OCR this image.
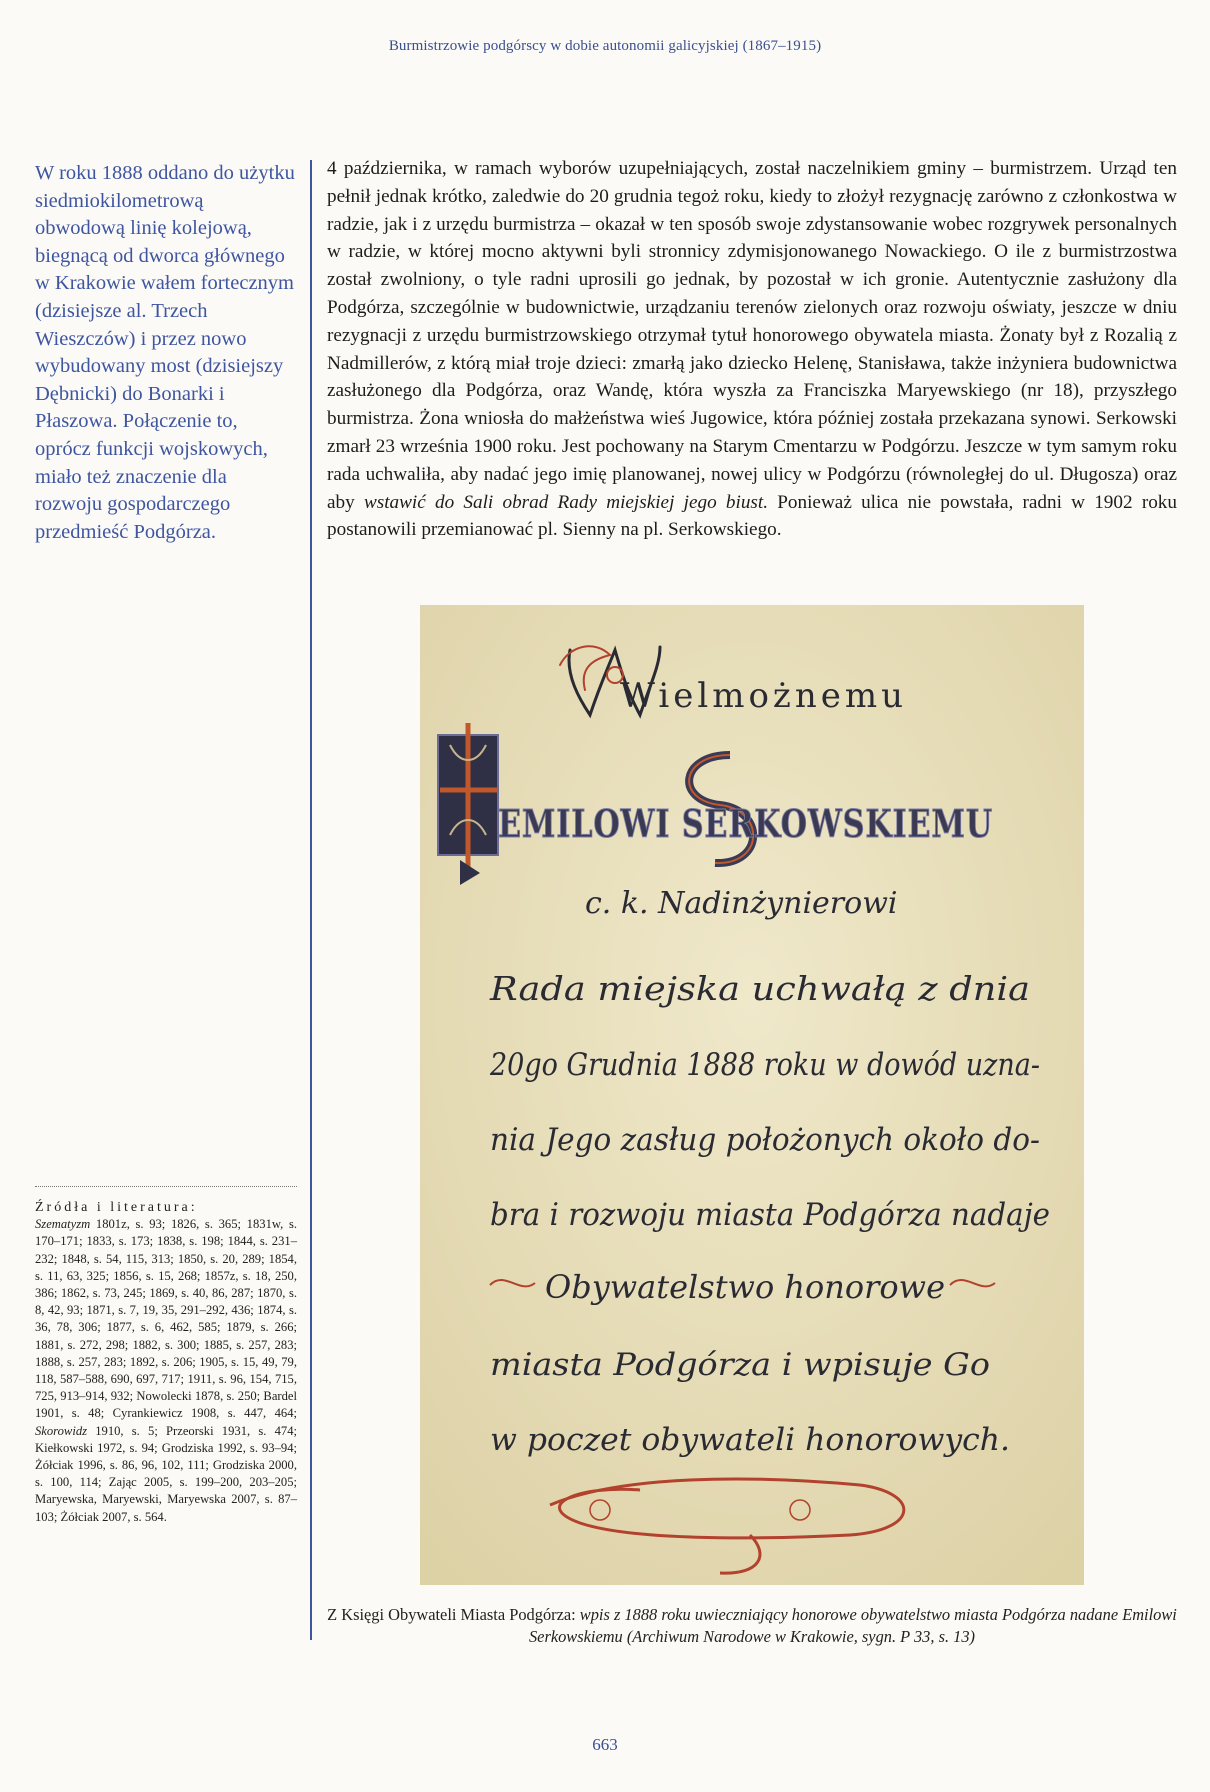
Burmistrzowie podgórscy w dobie autonomii galicyjskiej (1867–1915)

W roku 1888 oddano do użytku siedmiokilometrową obwodową linię kolejową, biegnącą od dworca głównego w Krakowie wałem fortecznym (dzisiejsze al. Trzech Wieszczów) i przez nowo wybudowany most (dzisiejszy Dębnicki) do Bonarki i Płaszowa. Połączenie to, oprócz funkcji wojskowych, miało też znaczenie dla rozwoju gospodarczego przedmieść Podgórza.

Źródła i literatura:
Szematyzm 1801z, s. 93; 1826, s. 365; 1831w, s. 170–171; 1833, s. 173; 1838, s. 198; 1844, s. 231–232; 1848, s. 54, 115, 313; 1850, s. 20, 289; 1854, s. 11, 63, 325; 1856, s. 15, 268; 1857z, s. 18, 250, 386; 1862, s. 73, 245; 1869, s. 40, 86, 287; 1870, s. 8, 42, 93; 1871, s. 7, 19, 35, 291–292, 436; 1874, s. 36, 78, 306; 1877, s. 6, 462, 585; 1879, s. 266; 1881, s. 272, 298; 1882, s. 300; 1885, s. 257, 283; 1888, s. 257, 283; 1892, s. 206; 1905, s. 15, 49, 79, 118, 587–588, 690, 697, 717; 1911, s. 96, 154, 715, 725, 913–914, 932; Nowolecki 1878, s. 250; Bardel 1901, s. 48; Cyrankiewicz 1908, s. 447, 464; Skorowidz 1910, s. 5; Przeorski 1931, s. 474; Kiełkowski 1972, s. 94; Grodziska 1992, s. 93–94; Żółciak 1996, s. 86, 96, 102, 111; Grodziska 2000, s. 100, 114; Zając 2005, s. 199–200, 203–205; Maryewska, Maryewski, Maryewska 2007, s. 87–103; Żółciak 2007, s. 564.

4 października, w ramach wyborów uzupełniających, został naczelnikiem gminy – burmistrzem. Urząd ten pełnił jednak krótko, zaledwie do 20 grudnia tegoż roku, kiedy to złożył rezygnację zarówno z członkostwa w radzie, jak i z urzędu burmistrza – okazał w ten sposób swoje zdystansowanie wobec rozgrywek personalnych w radzie, w której mocno aktywni byli stronnicy zdymisjonowanego Nowackiego. O ile z burmistrzostwa został zwolniony, o tyle radni uprosili go jednak, by pozostał w ich gronie. Autentycznie zasłużony dla Podgórza, szczególnie w budownictwie, urządzaniu terenów zielonych oraz rozwoju oświaty, jeszcze w dniu rezygnacji z urzędu burmistrzowskiego otrzymał tytuł honorowego obywatela miasta. Żonaty był z Rozalią z Nadmillerów, z którą miał troje dzieci: zmarłą jako dziecko Helenę, Stanisława, także inżyniera budownictwa zasłużonego dla Podgórza, oraz Wandę, która wyszła za Franciszka Maryewskiego (nr 18), przyszłego burmistrza. Żona wniosła do małżeństwa wieś Jugowice, która później została przekazana synowi. Serkowski zmarł 23 września 1900 roku. Jest pochowany na Starym Cmentarzu w Podgórzu. Jeszcze w tym samym roku rada uchwaliła, aby nadać jego imię planowanej, nowej ulicy w Podgórzu (równoległej do ul. Długosza) oraz aby wstawić do Sali obrad Rady miejskiej jego biust. Ponieważ ulica nie powstała, radni w 1902 roku postanowili przemianować pl. Sienny na pl. Serkowskiego.

Wielmożnemu
EMILOWI SERKOWSKIEMU
c. k. Nadinżynierowi
Rada miejska uchwałą z dnia
20go Grudnia 1888 roku w dowód uzna-
nia Jego zasług położonych około do-
bra i rozwoju miasta Podgórza nadaje
Obywatelstwo honorowe
miasta Podgórza i wpisuje Go
w poczet obywateli honorowych.
Z Księgi Obywateli Miasta Podgórza: wpis z 1888 roku uwieczniający honorowe obywatelstwo miasta Podgórza nadane Emilowi Serkowskiemu (Archiwum Narodowe w Krakowie, sygn. P 33, s. 13)
663
